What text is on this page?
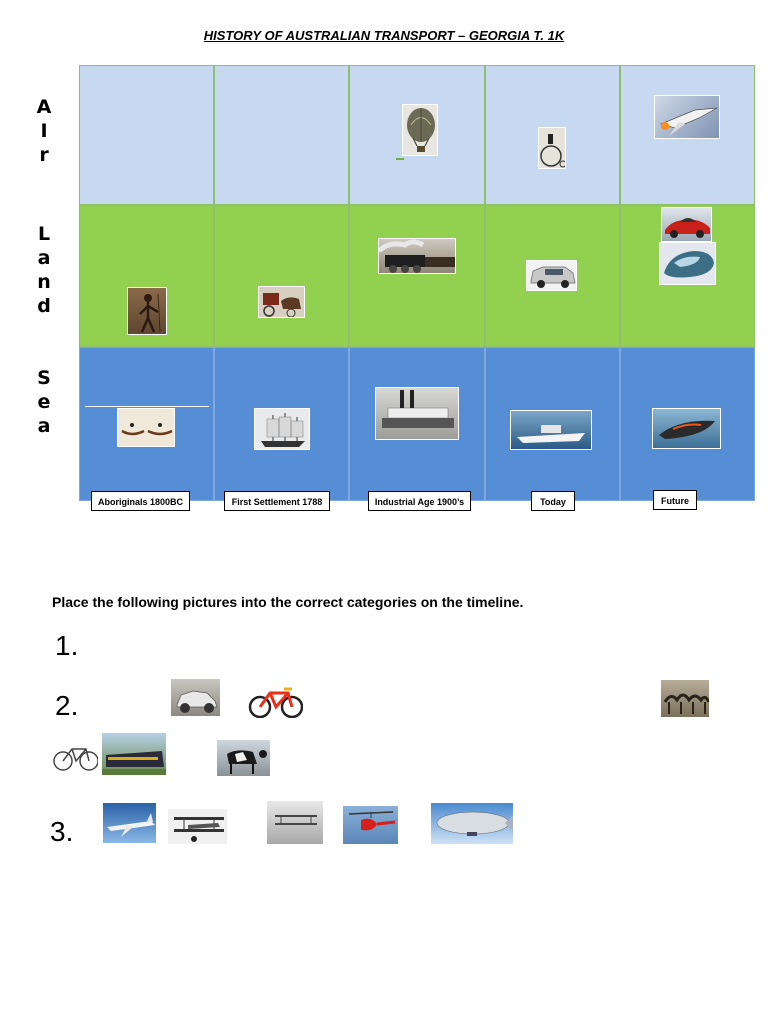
HISTORY OF AUSTRALIAN TRANSPORT – GEORGIA T. 1K
A
I
r
L
a
n
d
S
e
a
Aboriginals 1800BC	First Settlement 1788	Industrial Age 1900’s	Today	Future
Place the following pictures into the correct categories on the timeline.
1.
2.
3.
